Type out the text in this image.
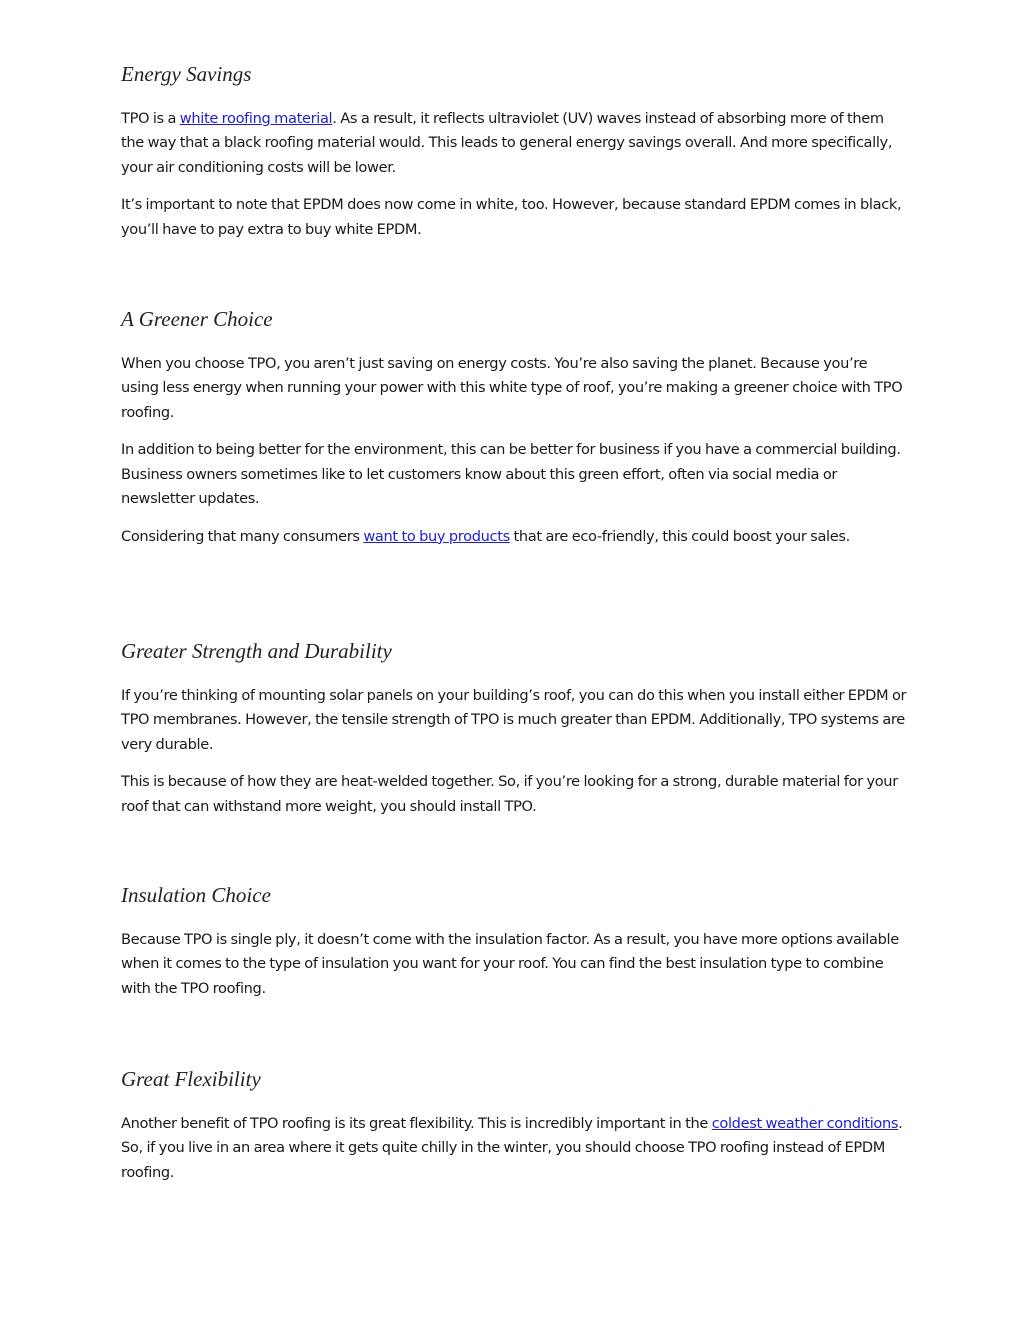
Energy Savings

TPO is a white roofing material. As a result, it reflects ultraviolet (UV) waves instead of absorbing more of them the way that a black roofing material would. This leads to general energy savings overall. And more specifically, your air conditioning costs will be lower.

It’s important to note that EPDM does now come in white, too. However, because standard EPDM comes in black, you’ll have to pay extra to buy white EPDM.

A Greener Choice

When you choose TPO, you aren’t just saving on energy costs. You’re also saving the planet. Because you’re using less energy when running your power with this white type of roof, you’re making a greener choice with TPO roofing.

In addition to being better for the environment, this can be better for business if you have a commercial building. Business owners sometimes like to let customers know about this green effort, often via social media or newsletter updates.

Considering that many consumers want to buy products that are eco-friendly, this could boost your sales.

Greater Strength and Durability

If you’re thinking of mounting solar panels on your building’s roof, you can do this when you install either EPDM or TPO membranes. However, the tensile strength of TPO is much greater than EPDM. Additionally, TPO systems are very durable.

This is because of how they are heat-welded together. So, if you’re looking for a strong, durable material for your roof that can withstand more weight, you should install TPO.

Insulation Choice

Because TPO is single ply, it doesn’t come with the insulation factor. As a result, you have more options available when it comes to the type of insulation you want for your roof. You can find the best insulation type to combine with the TPO roofing.

Great Flexibility

Another benefit of TPO roofing is its great flexibility. This is incredibly important in the coldest weather conditions. So, if you live in an area where it gets quite chilly in the winter, you should choose TPO roofing instead of EPDM roofing.
